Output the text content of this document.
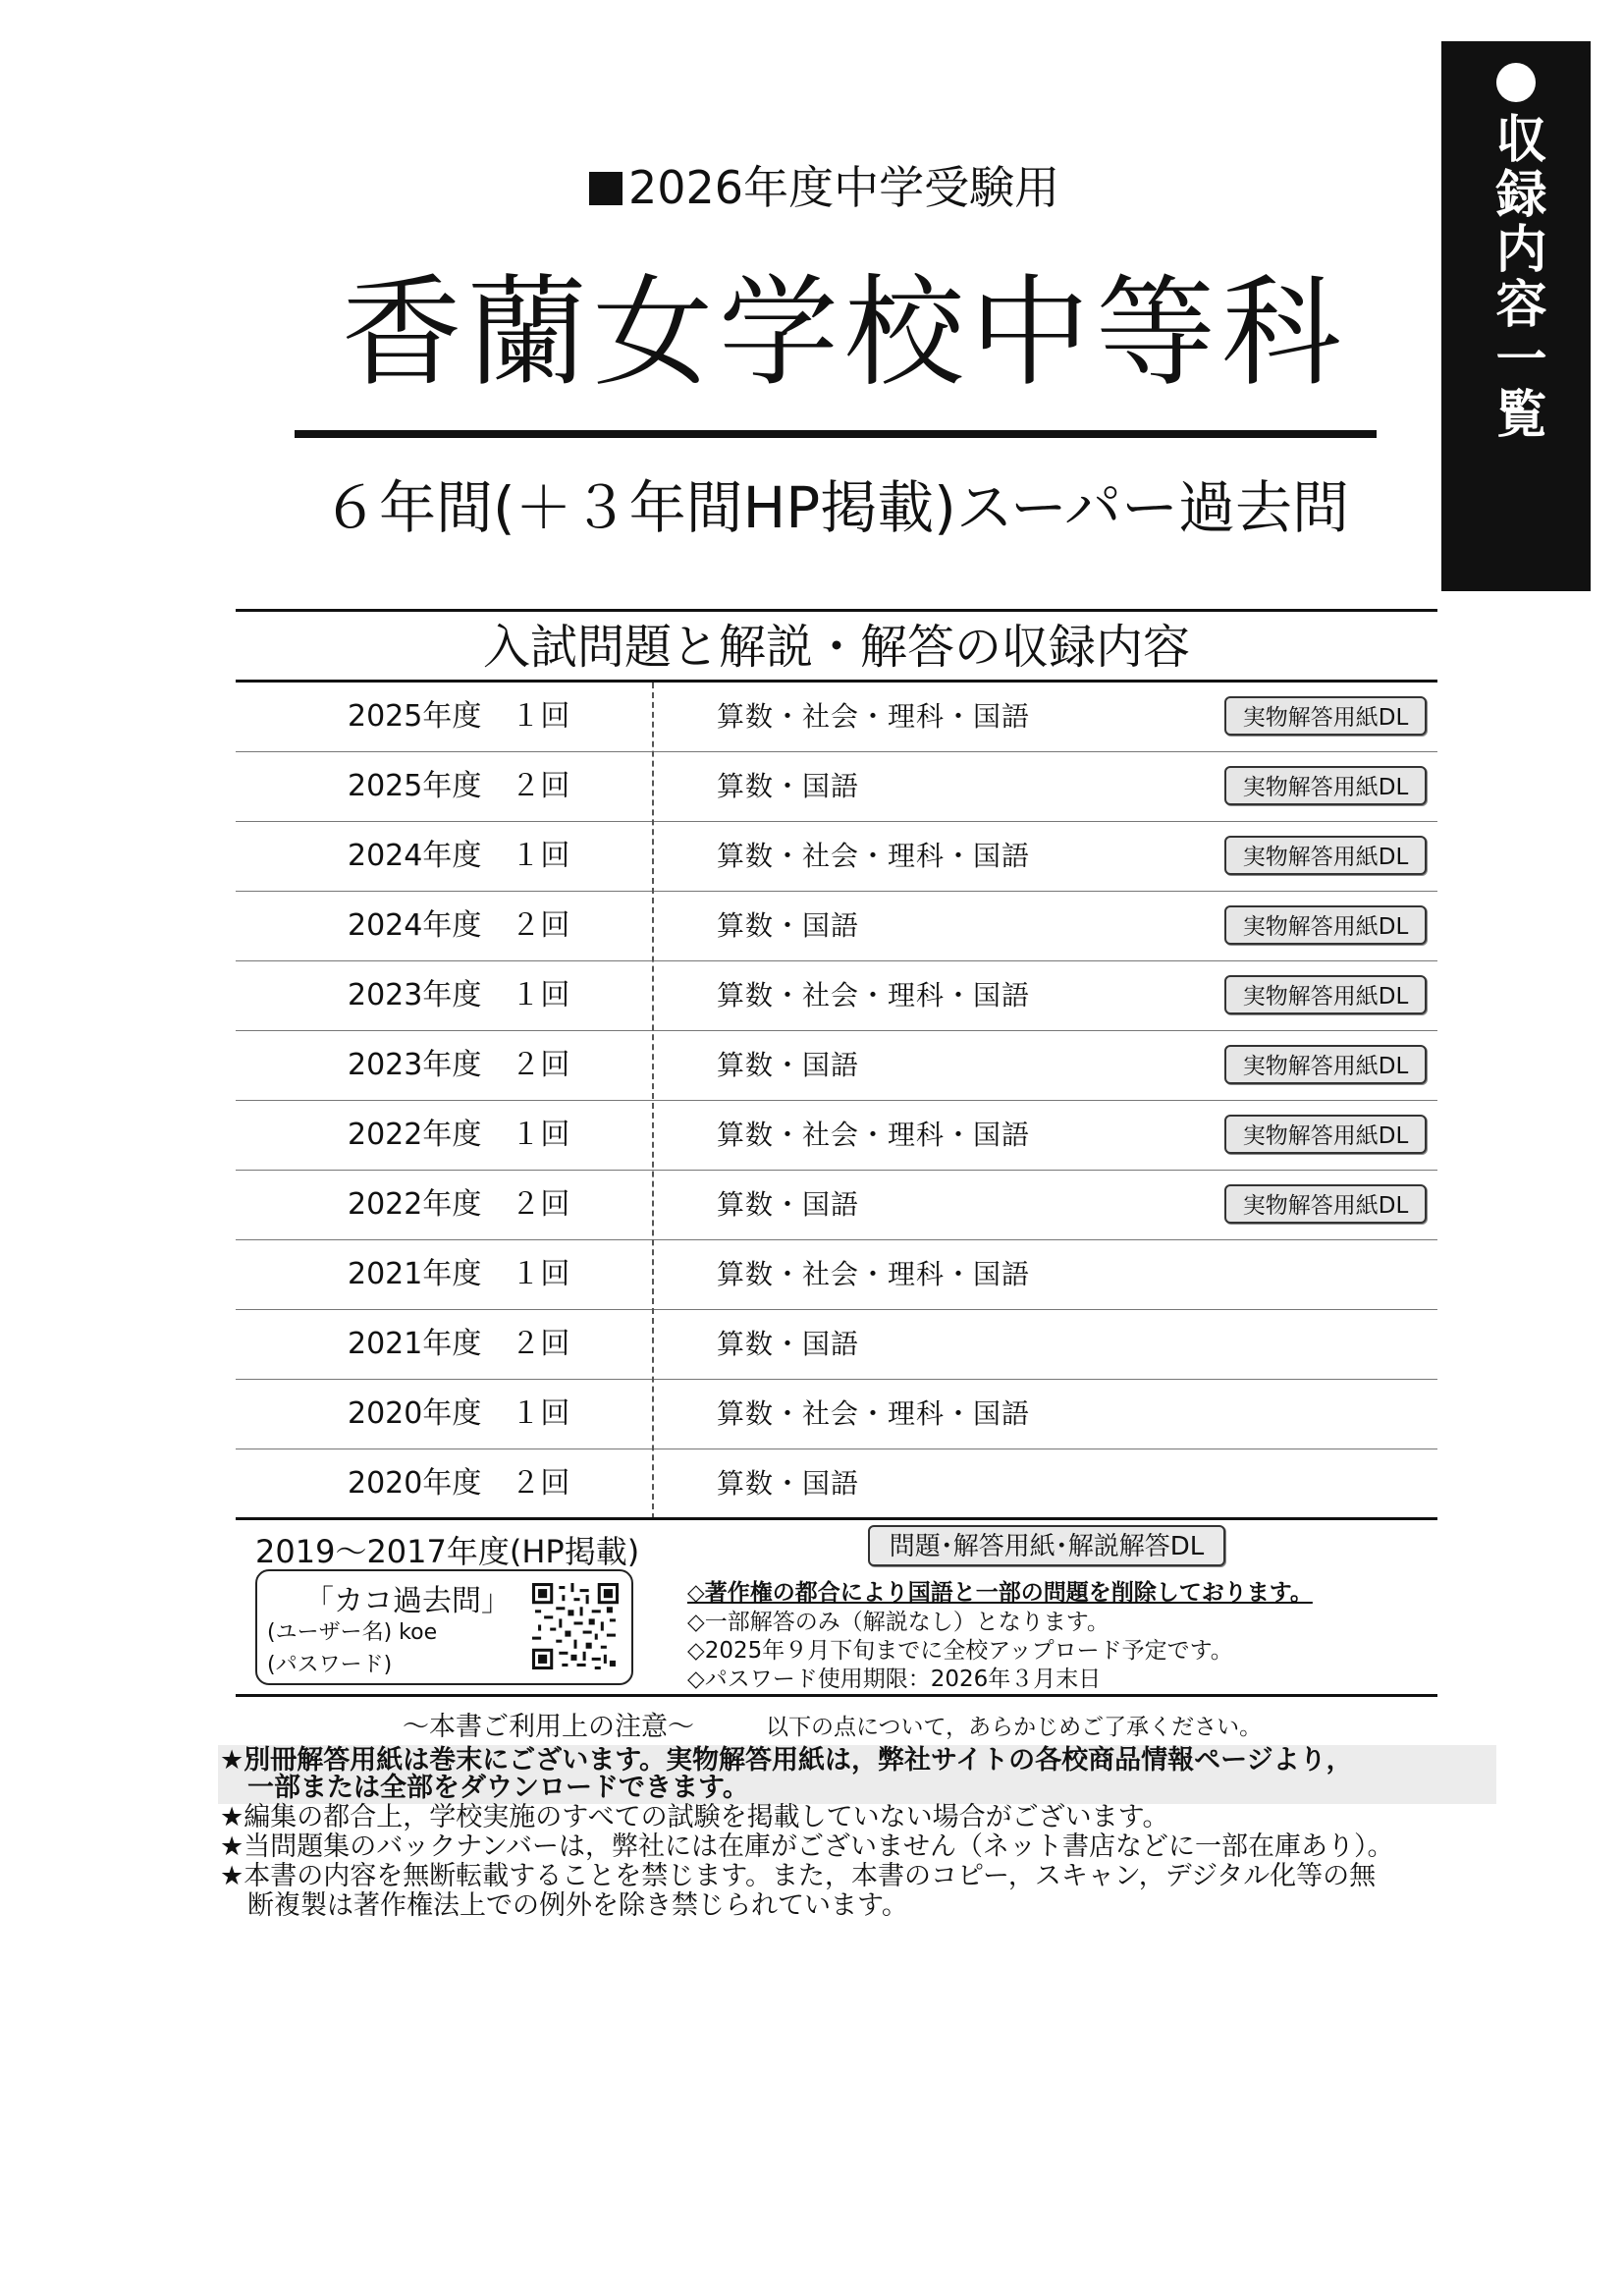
収録内容一覧
2026年度中学受験用
香蘭女学校中等科
６年間(＋３年間HP掲載)スーパー過去問
入試問題と解説・解答の収録内容
2025年度　１回	算数・社会・理科・国語	実物解答用紙DL
2025年度　２回	算数・国語	実物解答用紙DL
2024年度　１回	算数・社会・理科・国語	実物解答用紙DL
2024年度　２回	算数・国語	実物解答用紙DL
2023年度　１回	算数・社会・理科・国語	実物解答用紙DL
2023年度　２回	算数・国語	実物解答用紙DL
2022年度　１回	算数・社会・理科・国語	実物解答用紙DL
2022年度　２回	算数・国語	実物解答用紙DL
2021年度　１回	算数・社会・理科・国語
2021年度　２回	算数・国語
2020年度　１回	算数・社会・理科・国語
2020年度　２回	算数・国語
2019～2017年度(HP掲載)
「カコ過去問」
(ユーザー名) koe
(パスワード)
問題･解答用紙･解説解答DL
◇著作権の都合により国語と一部の問題を削除しております。
◇一部解答のみ（解説なし）となります。
◇2025年９月下旬までに全校アップロード予定です。
◇パスワード使用期限：2026年３月末日
～本書ご利用上の注意～	以下の点について，あらかじめご了承ください。
★別冊解答用紙は巻末にございます。実物解答用紙は，弊社サイトの各校商品情報ページより，
一部または全部をダウンロードできます。
★編集の都合上，学校実施のすべての試験を掲載していない場合がございます。
★当問題集のバックナンバーは，弊社には在庫がございません（ネット書店などに一部在庫あり）。
★本書の内容を無断転載することを禁じます。また，本書のコピー，スキャン，デジタル化等の無
断複製は著作権法上での例外を除き禁じられています。
